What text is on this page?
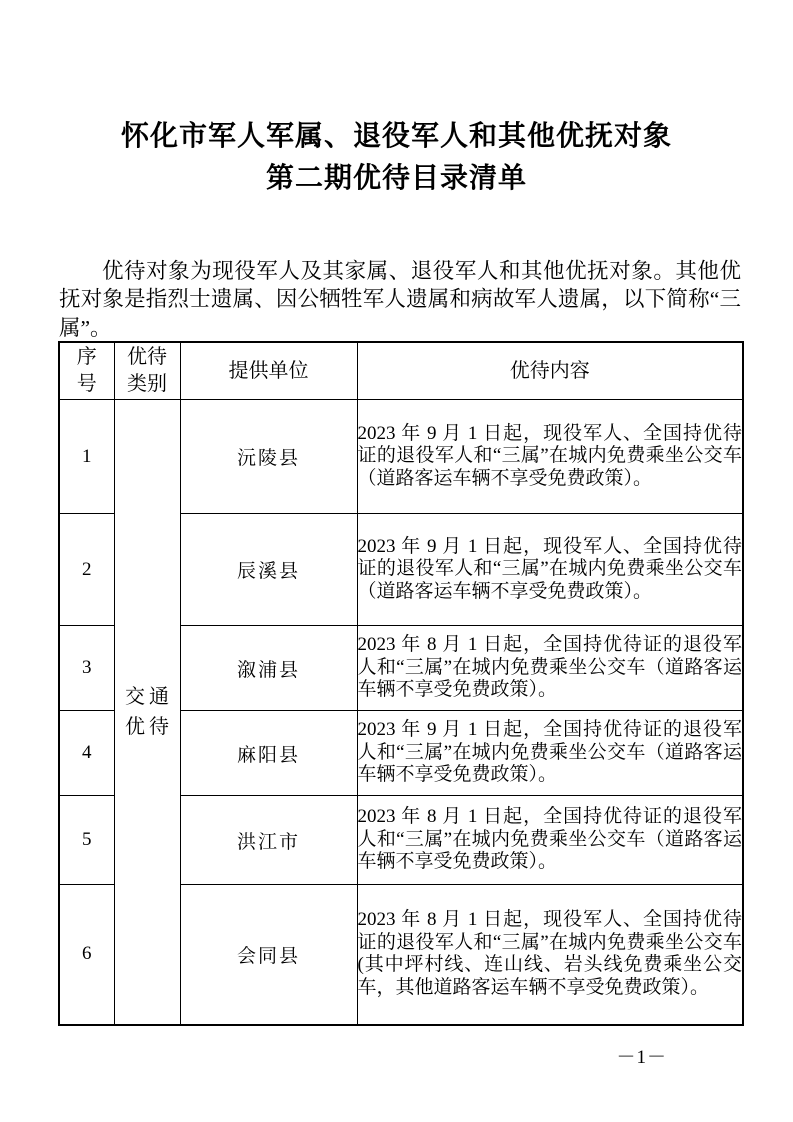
怀化市军人军属、退役军人和其他优抚对象
第二期优待目录清单

优待对象为现役军人及其家属、退役军人和其他优抚对象。其他优抚对象是指烈士遗属、因公牺牲军人遗属和病故军人遗属，以下简称“三属”。

序号	优待类别	提供单位	优待内容
1	交通优待	沅陵县	2023 年 9 月 1 日起，现役军人、全国持优待证的退役军人和“三属”在城内免费乘坐公交车（道路客运车辆不享受免费政策）。
2		辰溪县	2023 年 9 月 1 日起，现役军人、全国持优待证的退役军人和“三属”在城内免费乘坐公交车（道路客运车辆不享受免费政策）。
3		溆浦县	2023 年 8 月 1 日起，全国持优待证的退役军人和“三属”在城内免费乘坐公交车（道路客运车辆不享受免费政策）。
4		麻阳县	2023 年 9 月 1 日起，全国持优待证的退役军人和“三属”在城内免费乘坐公交车（道路客运车辆不享受免费政策）。
5		洪江市	2023 年 8 月 1 日起，全国持优待证的退役军人和“三属”在城内免费乘坐公交车（道路客运车辆不享受免费政策）。
6		会同县	2023 年 8 月 1 日起，现役军人、全国持优待证的退役军人和“三属”在城内免费乘坐公交车(其中坪村线、连山线、岩头线免费乘坐公交车，其他道路客运车辆不享受免费政策）。
－1－
